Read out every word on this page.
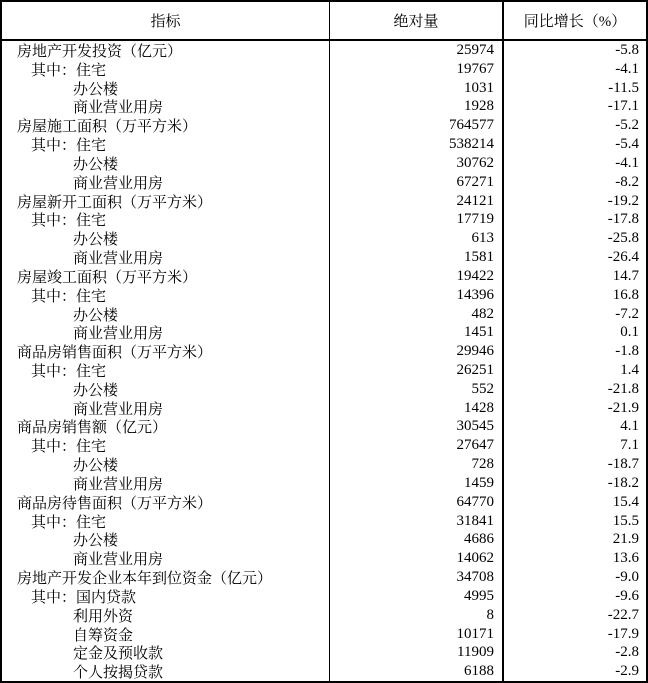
指标	绝对量	同比增长（%）
房地产开发投资（亿元）	25974	-5.8
其中：住宅	19767	-4.1
办公楼	1031	-11.5
商业营业用房	1928	-17.1
房屋施工面积（万平方米）	764577	-5.2
其中：住宅	538214	-5.4
办公楼	30762	-4.1
商业营业用房	67271	-8.2
房屋新开工面积（万平方米）	24121	-19.2
其中：住宅	17719	-17.8
办公楼	613	-25.8
商业营业用房	1581	-26.4
房屋竣工面积（万平方米）	19422	14.7
其中：住宅	14396	16.8
办公楼	482	-7.2
商业营业用房	1451	0.1
商品房销售面积（万平方米）	29946	-1.8
其中：住宅	26251	1.4
办公楼	552	-21.8
商业营业用房	1428	-21.9
商品房销售额（亿元）	30545	4.1
其中：住宅	27647	7.1
办公楼	728	-18.7
商业营业用房	1459	-18.2
商品房待售面积（万平方米）	64770	15.4
其中：住宅	31841	15.5
办公楼	4686	21.9
商业营业用房	14062	13.6
房地产开发企业本年到位资金（亿元）	34708	-9.0
其中：国内贷款	4995	-9.6
利用外资	8	-22.7
自筹资金	10171	-17.9
定金及预收款	11909	-2.8
个人按揭贷款	6188	-2.9
